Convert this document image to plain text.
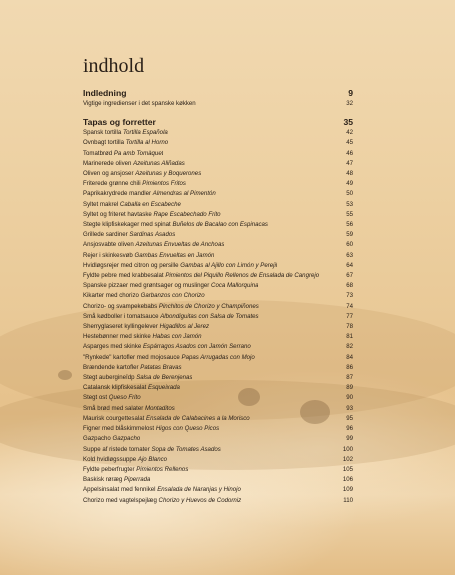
indhold
Indledning	9
Vigtige ingredienser i det spanske køkken	32
Tapas og forretter	35
Spansk tortilla Tortilla Española	42
Ovnbagt tortilla Tortilla al Horno	45
Tomatbrød Pa amb Tomàquet	46
Marinerede oliven Azeitunas Aliñadas	47
Oliven og ansjoser Azeitunas y Boquerones	48
Friterede grønne chili Pimientos Fritos	49
Paprikakrydrede mandler Almendras al Pimentón	50
Syltet makrel Caballa en Escabeche	53
Syltet og friteret havtaske Rape Escabechado Frito	55
Stegte klipfiskekager med spinat Buñelos de Bacalao con Espinacas	56
Grillede sardiner Sardinas Asados	59
Ansjosvabte oliven Azeitunas Envueltas de Anchoas	60
Rejer i skinkesvøb Gambas Envueltas en Jamón	63
Hvidløgsrejer med citron og persille Gambas al Ajillo con Limón y Perejil	64
Fyldte pebre med krabbesalat Pimientos del Piquillo Rellenos de Ensalada de Cangrejo	67
Spanske pizzaer med grøntsager og muslinger Coca Mallorquina	68
Kikarter med chorizo Garbanzos con Chorizo	73
Chorizo- og svampekebabs Pinchitos de Chorizo y Champiñones	74
Små kødboller i tomatsauce Albondiguitas con Salsa de Tomates	77
Sherryglaseret kyllingelever Higadillos al Jerez	78
Hestebønner med skinke Habas con Jamón	81
Asparges med skinke Espárragos Asados con Jamón Serrano	82
"Rynkede" kartofler med mojosauce Papas Arrugadas con Mojo	84
Brændende kartofler Patatas Bravas	86
Stegt aubergineîdp Salsa de Berenjenas	87
Catalansk klipfiskesalat Esqueixada	89
Stegt ost Queso Frito	90
Små brød med salater Montaditos	93
Maurisk courgettesalat Ensalada de Calabacines a la Morisco	95
Figner med blåskimmelost Higos con Queso Picos	96
Gazpacho Gazpacho	99
Suppe af ristede tomater Sopa de Tomates Asados	100
Kold hvidløgssuppe Ajo Blanco	102
Fyldte peberfrugter Pimientos Rellenos	105
Baskisk røræg Piperrada	106
Appelsinsalat med fennikel Ensalada de Naranjas y Hinojo	109
Chorizo med vagtelspejlæg Chorizo y Huevos de Codorniz	110
